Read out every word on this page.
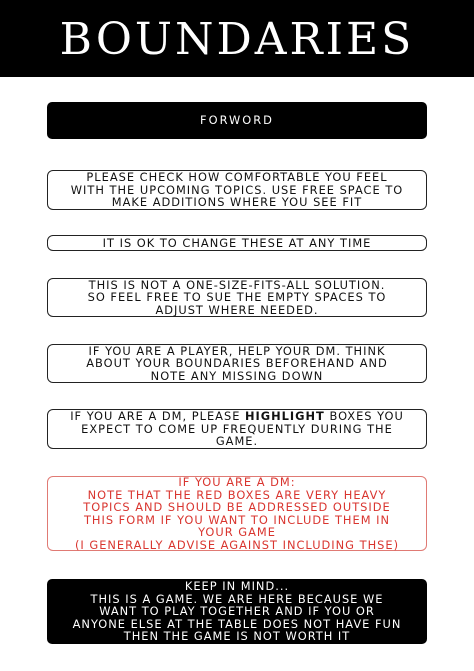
BOUNDARIES
FORWORD
PLEASE CHECK HOW COMFORTABLE YOU FEEL
WITH THE UPCOMING TOPICS. USE FREE SPACE TO
MAKE ADDITIONS WHERE YOU SEE FIT
IT IS OK TO CHANGE THESE AT ANY TIME
THIS IS NOT A ONE-SIZE-FITS-ALL SOLUTION.
SO FEEL FREE TO SUE THE EMPTY SPACES TO
ADJUST WHERE NEEDED.
IF YOU ARE A PLAYER, HELP YOUR DM. THINK
ABOUT YOUR BOUNDARIES BEFOREHAND AND
NOTE ANY MISSING DOWN
IF YOU ARE A DM, PLEASE HIGHLIGHT BOXES YOU
EXPECT TO COME UP FREQUENTLY DURING THE
GAME.
IF YOU ARE A DM:
NOTE THAT THE RED BOXES ARE VERY HEAVY
TOPICS AND SHOULD BE ADDRESSED OUTSIDE
THIS FORM IF YOU WANT TO INCLUDE THEM IN
YOUR GAME
(I GENERALLY ADVISE AGAINST INCLUDING THSE)
KEEP IN MIND...
THIS IS A GAME. WE ARE HERE BECAUSE WE
WANT TO PLAY TOGETHER AND IF YOU OR
ANYONE ELSE AT THE TABLE DOES NOT HAVE FUN
THEN THE GAME IS NOT WORTH IT
